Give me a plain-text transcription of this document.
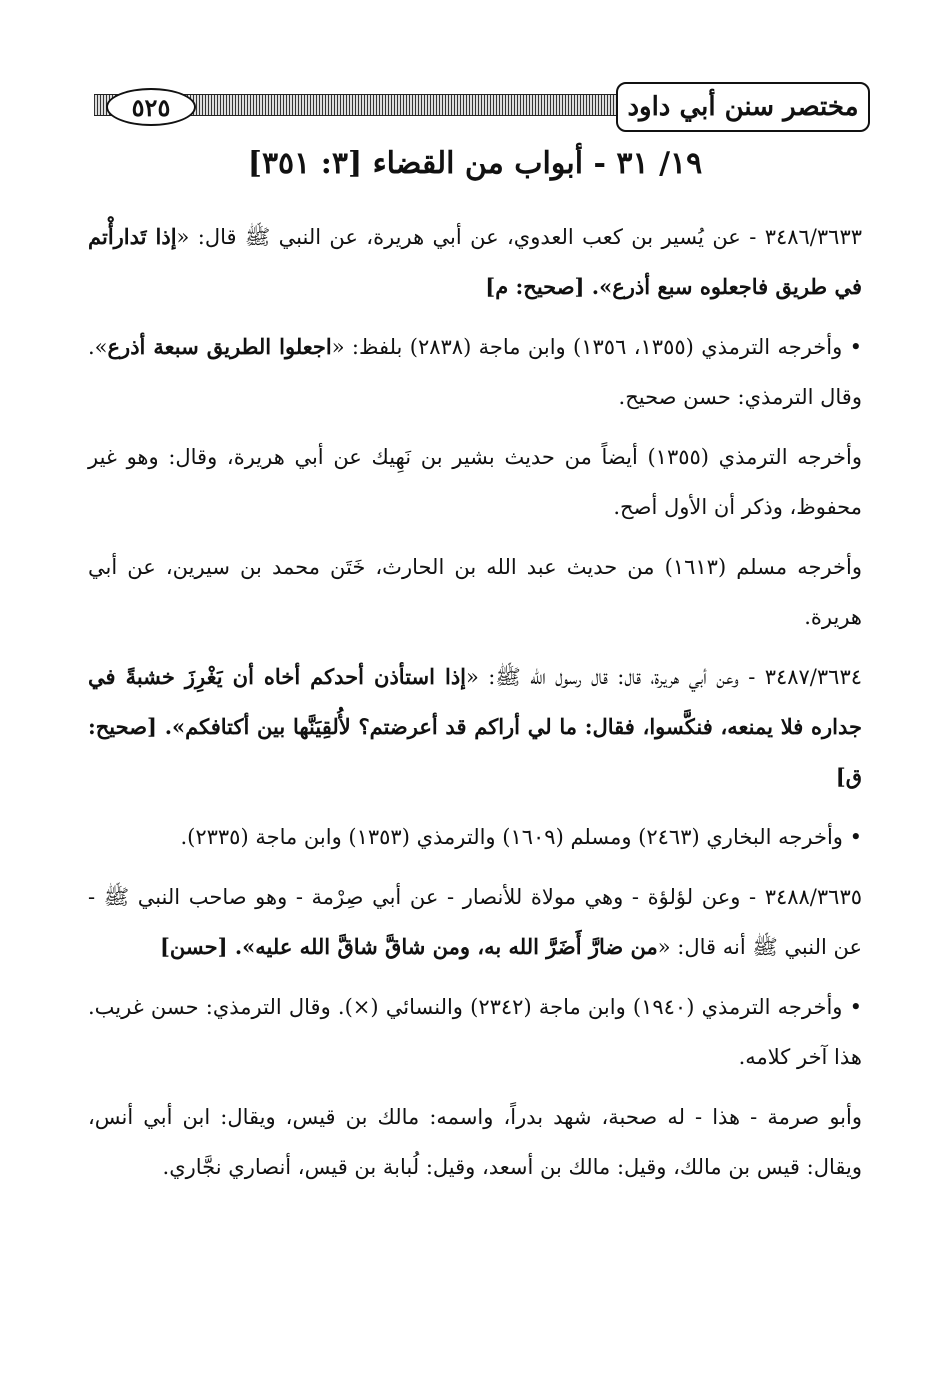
٥٢٥	مختصر سنن أبي داود
١٩/ ٣١ - أبواب من القضاء [٣: ٣٥١]

٣٤٨٦/٣٦٣٣ - عن يُسير بن كعب العدوي، عن أبي هريرة، عن النبي ﷺ قال: «إذا تَدارأْتم في طريق فاجعلوه سبع أذرع». [صحيح: م]

• وأخرجه الترمذي (١٣٥٥، ١٣٥٦) وابن ماجة (٢٨٣٨) بلفظ: «اجعلوا الطريق سبعة أذرع». وقال الترمذي: حسن صحيح.

وأخرجه الترمذي (١٣٥٥) أيضاً من حديث بشير بن نَهِيك عن أبي هريرة، وقال: وهو غير محفوظ، وذكر أن الأول أصح.

وأخرجه مسلم (١٦١٣) من حديث عبد الله بن الحارث، خَتَن محمد بن سيرين، عن أبي هريرة.

٣٤٨٧/٣٦٣٤ - وعن أبي هريرة، قال: قال رسول الله ﷺ: «إذا استأذن أحدكم أخاه أن يَغْرِزَ خشبةً في جداره فلا يمنعه، فنكَّسوا، فقال: ما لي أراكم قد أعرضتم؟ لأُلقِيَنَّها بين أكتافكم». [صحيح: ق]

• وأخرجه البخاري (٢٤٦٣) ومسلم (١٦٠٩) والترمذي (١٣٥٣) وابن ماجة (٢٣٣٥).

٣٤٨٨/٣٦٣٥ - وعن لؤلؤة - وهي مولاة للأنصار - عن أبي صِرْمة - وهو صاحب النبي ﷺ - عن النبي ﷺ أنه قال: «من ضارَّ أَضَرَّ الله به، ومن شاقَّ شاقَّ الله عليه». [حسن]

• وأخرجه الترمذي (١٩٤٠) وابن ماجة (٢٣٤٢) والنسائي (×). وقال الترمذي: حسن غريب. هذا آخر كلامه.

وأبو صرمة - هذا - له صحبة، شهد بدراً، واسمه: مالك بن قيس، ويقال: ابن أبي أنس، ويقال: قيس بن مالك، وقيل: مالك بن أسعد، وقيل: لُبابة بن قيس، أنصاري نجَّاري.
